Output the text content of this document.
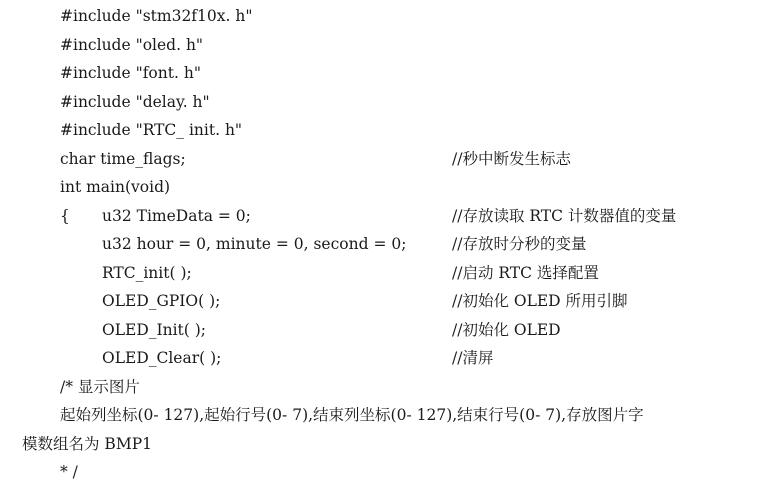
#include "stm32f10x. h"
#include "oled. h"
#include "font. h"
#include "delay. h"
#include "RTC_ init. h"
char time_flags;	//秒中断发生标志
int main(void)
{ u32 TimeData = 0;	//存放读取 RTC 计数器值的变量
u32 hour = 0, minute = 0, second = 0;	//存放时分秒的变量
RTC_init( );	//启动 RTC 选择配置
OLED_GPIO( );	//初始化 OLED 所用引脚
OLED_Init( );	//初始化 OLED
OLED_Clear( );	//清屏
/* 显示图片
起始列坐标(0- 127),起始行号(0- 7),结束列坐标(0- 127),结束行号(0- 7),存放图片字
模数组名为 BMP1
* /
